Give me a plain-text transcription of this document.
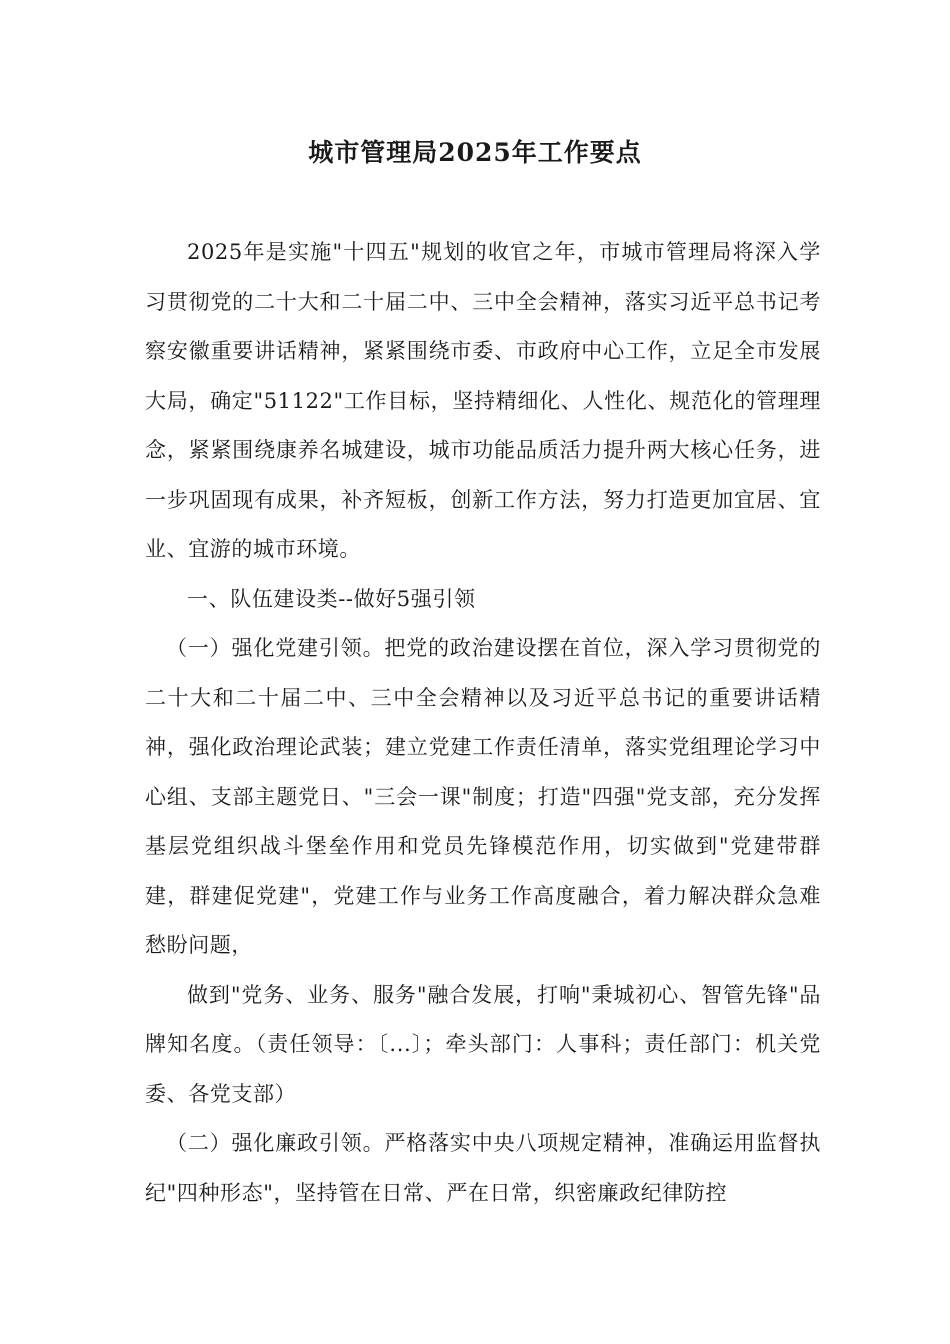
城市管理局2025年工作要点

2025年是实施"十四五"规划的收官之年，市城市管理局将深入学习贯彻党的二十大和二十届二中、三中全会精神，落实习近平总书记考察安徽重要讲话精神，紧紧围绕市委、市政府中心工作，立足全市发展大局，确定"51122"工作目标，坚持精细化、人性化、规范化的管理理念，紧紧围绕康养名城建设，城市功能品质活力提升两大核心任务，进一步巩固现有成果，补齐短板，创新工作方法，努力打造更加宜居、宜业、宜游的城市环境。

一、队伍建设类--做好5强引领

（一）强化党建引领。把党的政治建设摆在首位，深入学习贯彻党的二十大和二十届二中、三中全会精神以及习近平总书记的重要讲话精神，强化政治理论武装；建立党建工作责任清单，落实党组理论学习中心组、支部主题党日、"三会一课"制度；打造"四强"党支部，充分发挥基层党组织战斗堡垒作用和党员先锋模范作用，切实做到"党建带群建，群建促党建"，党建工作与业务工作高度融合，着力解决群众急难愁盼问题，

做到"党务、业务、服务"融合发展，打响"秉城初心、智管先锋"品牌知名度。（责任领导：〔...〕；牵头部门：人事科；责任部门：机关党委、各党支部）

（二）强化廉政引领。严格落实中央八项规定精神，准确运用监督执纪"四种形态"，坚持管在日常、严在日常，织密廉政纪律防控
